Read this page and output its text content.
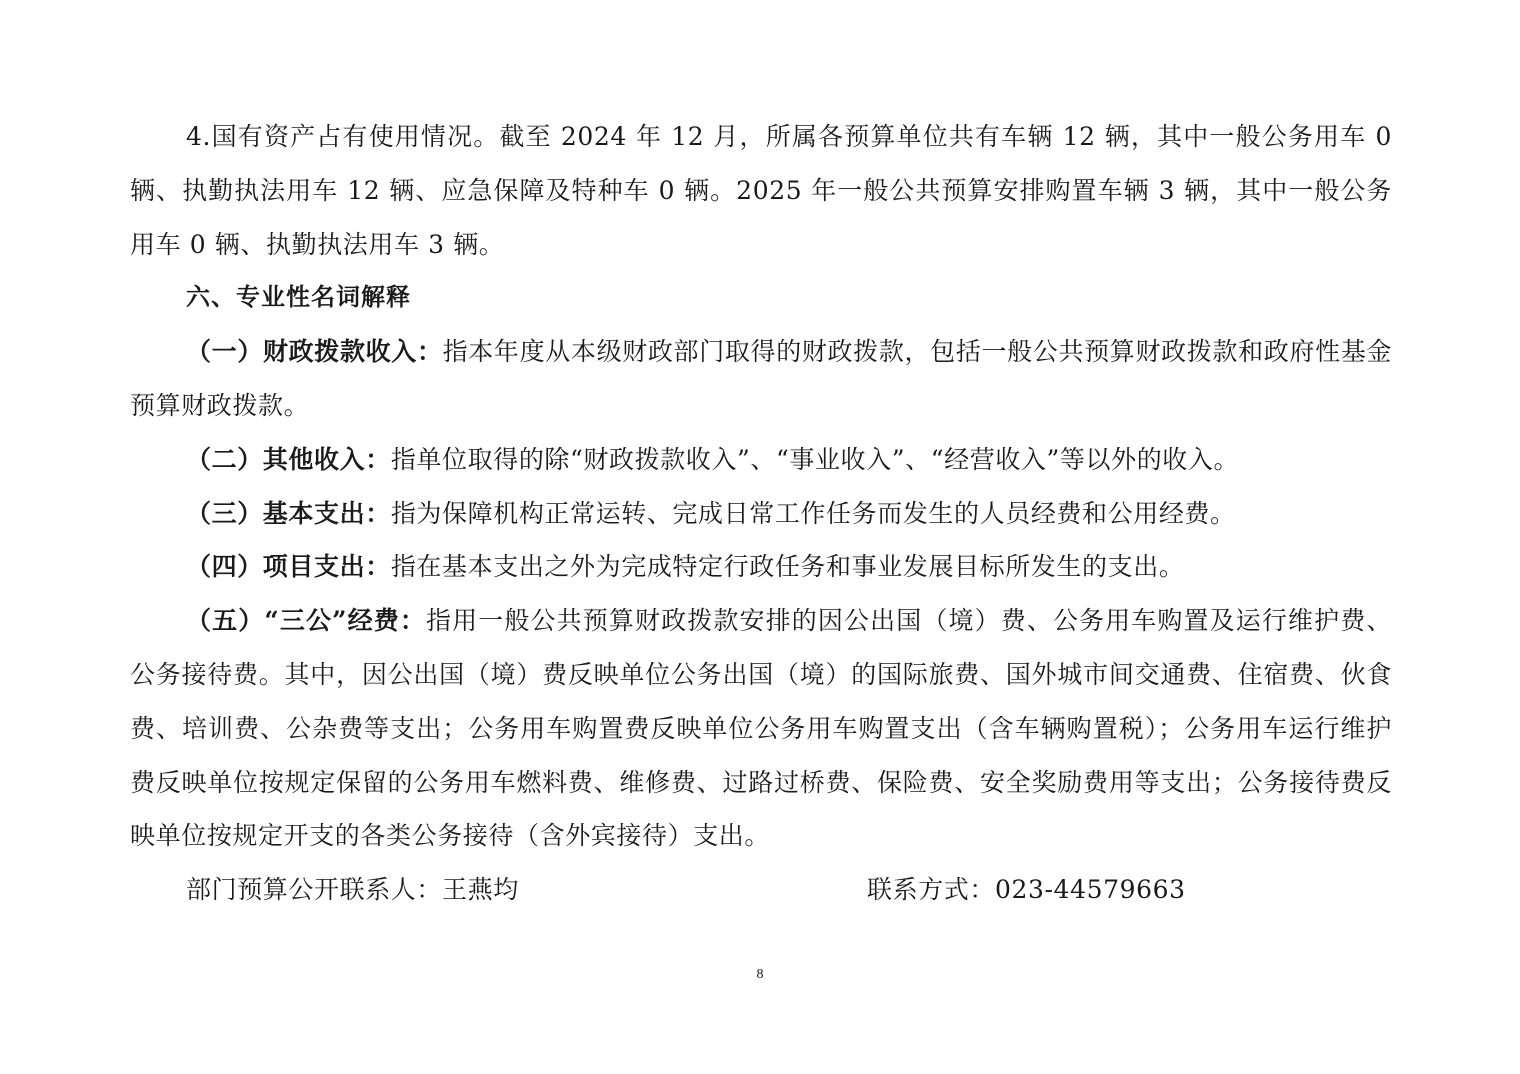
4.国有资产占有使用情况。截至 2024 年 12 月，所属各预算单位共有车辆 12 辆，其中一般公务用车 0 辆、执勤执法用车 12 辆、应急保障及特种车 0 辆。2025 年一般公共预算安排购置车辆 3 辆，其中一般公务用车 0 辆、执勤执法用车 3 辆。

六、专业性名词解释

（一）财政拨款收入：指本年度从本级财政部门取得的财政拨款，包括一般公共预算财政拨款和政府性基金预算财政拨款。

（二）其他收入：指单位取得的除“财政拨款收入”、“事业收入”、“经营收入”等以外的收入。

（三）基本支出：指为保障机构正常运转、完成日常工作任务而发生的人员经费和公用经费。

（四）项目支出：指在基本支出之外为完成特定行政任务和事业发展目标所发生的支出。

（五）“三公”经费：指用一般公共预算财政拨款安排的因公出国（境）费、公务用车购置及运行维护费、公务接待费。其中，因公出国（境）费反映单位公务出国（境）的国际旅费、国外城市间交通费、住宿费、伙食费、培训费、公杂费等支出；公务用车购置费反映单位公务用车购置支出（含车辆购置税）；公务用车运行维护费反映单位按规定保留的公务用车燃料费、维修费、过路过桥费、保险费、安全奖励费用等支出；公务接待费反映单位按规定开支的各类公务接待（含外宾接待）支出。

部门预算公开联系人：王燕均	联系方式：023-44579663
8
